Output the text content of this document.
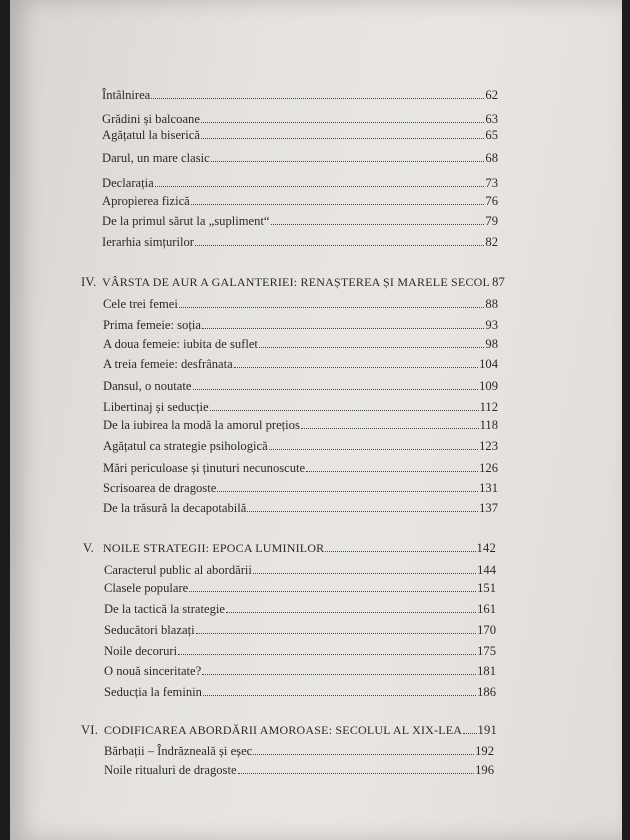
Întâlnirea	62
Grădini și balcoane	63
Agățatul la biserică	65
Darul, un mare clasic	68
Declarația	73
Apropierea fizică	76
De la primul sărut la „supliment“	79
Ierarhia simțurilor	82
IV. VÂRSTA DE AUR A GALANTERIEI: RENAȘTEREA ȘI MARELE SECOL 87
Cele trei femei	88
Prima femeie: soția	93
A doua femeie: iubita de suflet	98
A treia femeie: desfrânata	104
Dansul, o noutate	109
Libertinaj și seducție	112
De la iubirea la modă la amorul prețios	118
Agățatul ca strategie psihologică	123
Mări periculoase și ținuturi necunoscute	126
Scrisoarea de dragoste	131
De la trăsură la decapotabilă	137
V. NOILE STRATEGII: EPOCA LUMINILOR	142
Caracterul public al abordării	144
Clasele populare	151
De la tactică la strategie	161
Seducători blazați	170
Noile decoruri	175
O nouă sinceritate?	181
Seducția la feminin	186
VI. CODIFICAREA ABORDĂRII AMOROASE: SECOLUL AL XIX-LEA 191
Bărbații – Îndrăzneală și eșec	192
Noile ritualuri de dragoste	196
